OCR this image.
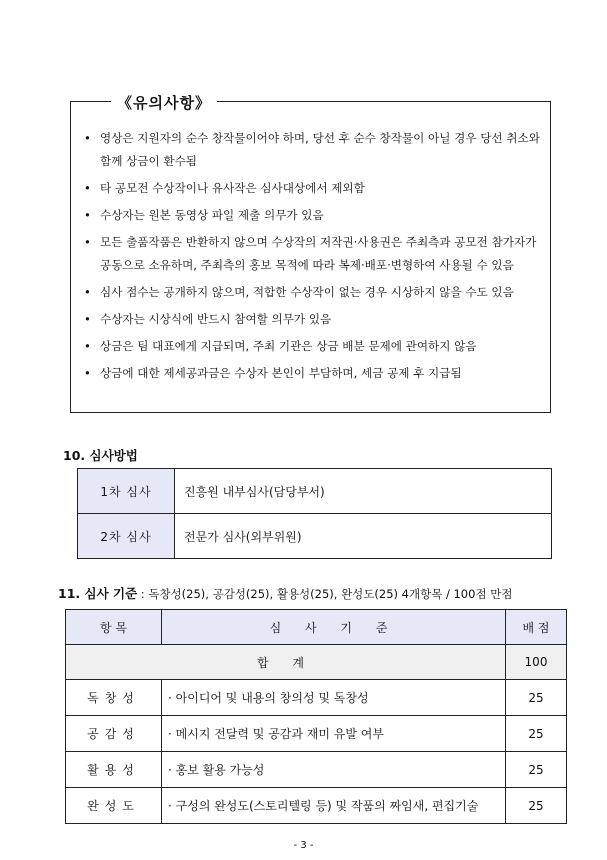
《유의사항》
• 영상은 지원자의 순수 창작물이어야 하며, 당선 후 순수 창작물이 아닐 경우 당선 취소와 함께 상금이 환수됨
• 타 공모전 수상작이나 유사작은 심사대상에서 제외함
• 수상자는 원본 동영상 파일 제출 의무가 있음
• 모든 출품작품은 반환하지 않으며 수상작의 저작권·사용권은 주최측과 공모전 참가자가 공동으로 소유하며, 주최측의 홍보 목적에 따라 복제·배포·변형하여 사용될 수 있음
• 심사 점수는 공개하지 않으며, 적합한 수상작이 없는 경우 시상하지 않을 수도 있음
• 수상자는 시상식에 반드시 참여할 의무가 있음
• 상금은 팀 대표에게 지급되며, 주최 기관은 상금 배분 문제에 관여하지 않음
• 상금에 대한 제세공과금은 수상자 본인이 부담하며, 세금 공제 후 지급됨
10. 심사방법
1차 심사	진흥원 내부심사(담당부서)
2차 심사	전문가 심사(외부위원)
11. 심사 기준 : 독창성(25), 공감성(25), 활용성(25), 완성도(25) 4개항목 / 100점 만점
항 목	심 사 기 준	배 점
합 계		100
독창성	· 아이디어 및 내용의 창의성 및 독창성	25
공감성	· 메시지 전달력 및 공감과 재미 유발 여부	25
활용성	· 홍보 활용 가능성	25
완성도	· 구성의 완성도(스토리텔링 등) 및 작품의 짜임새, 편집기술	25
- 3 -
